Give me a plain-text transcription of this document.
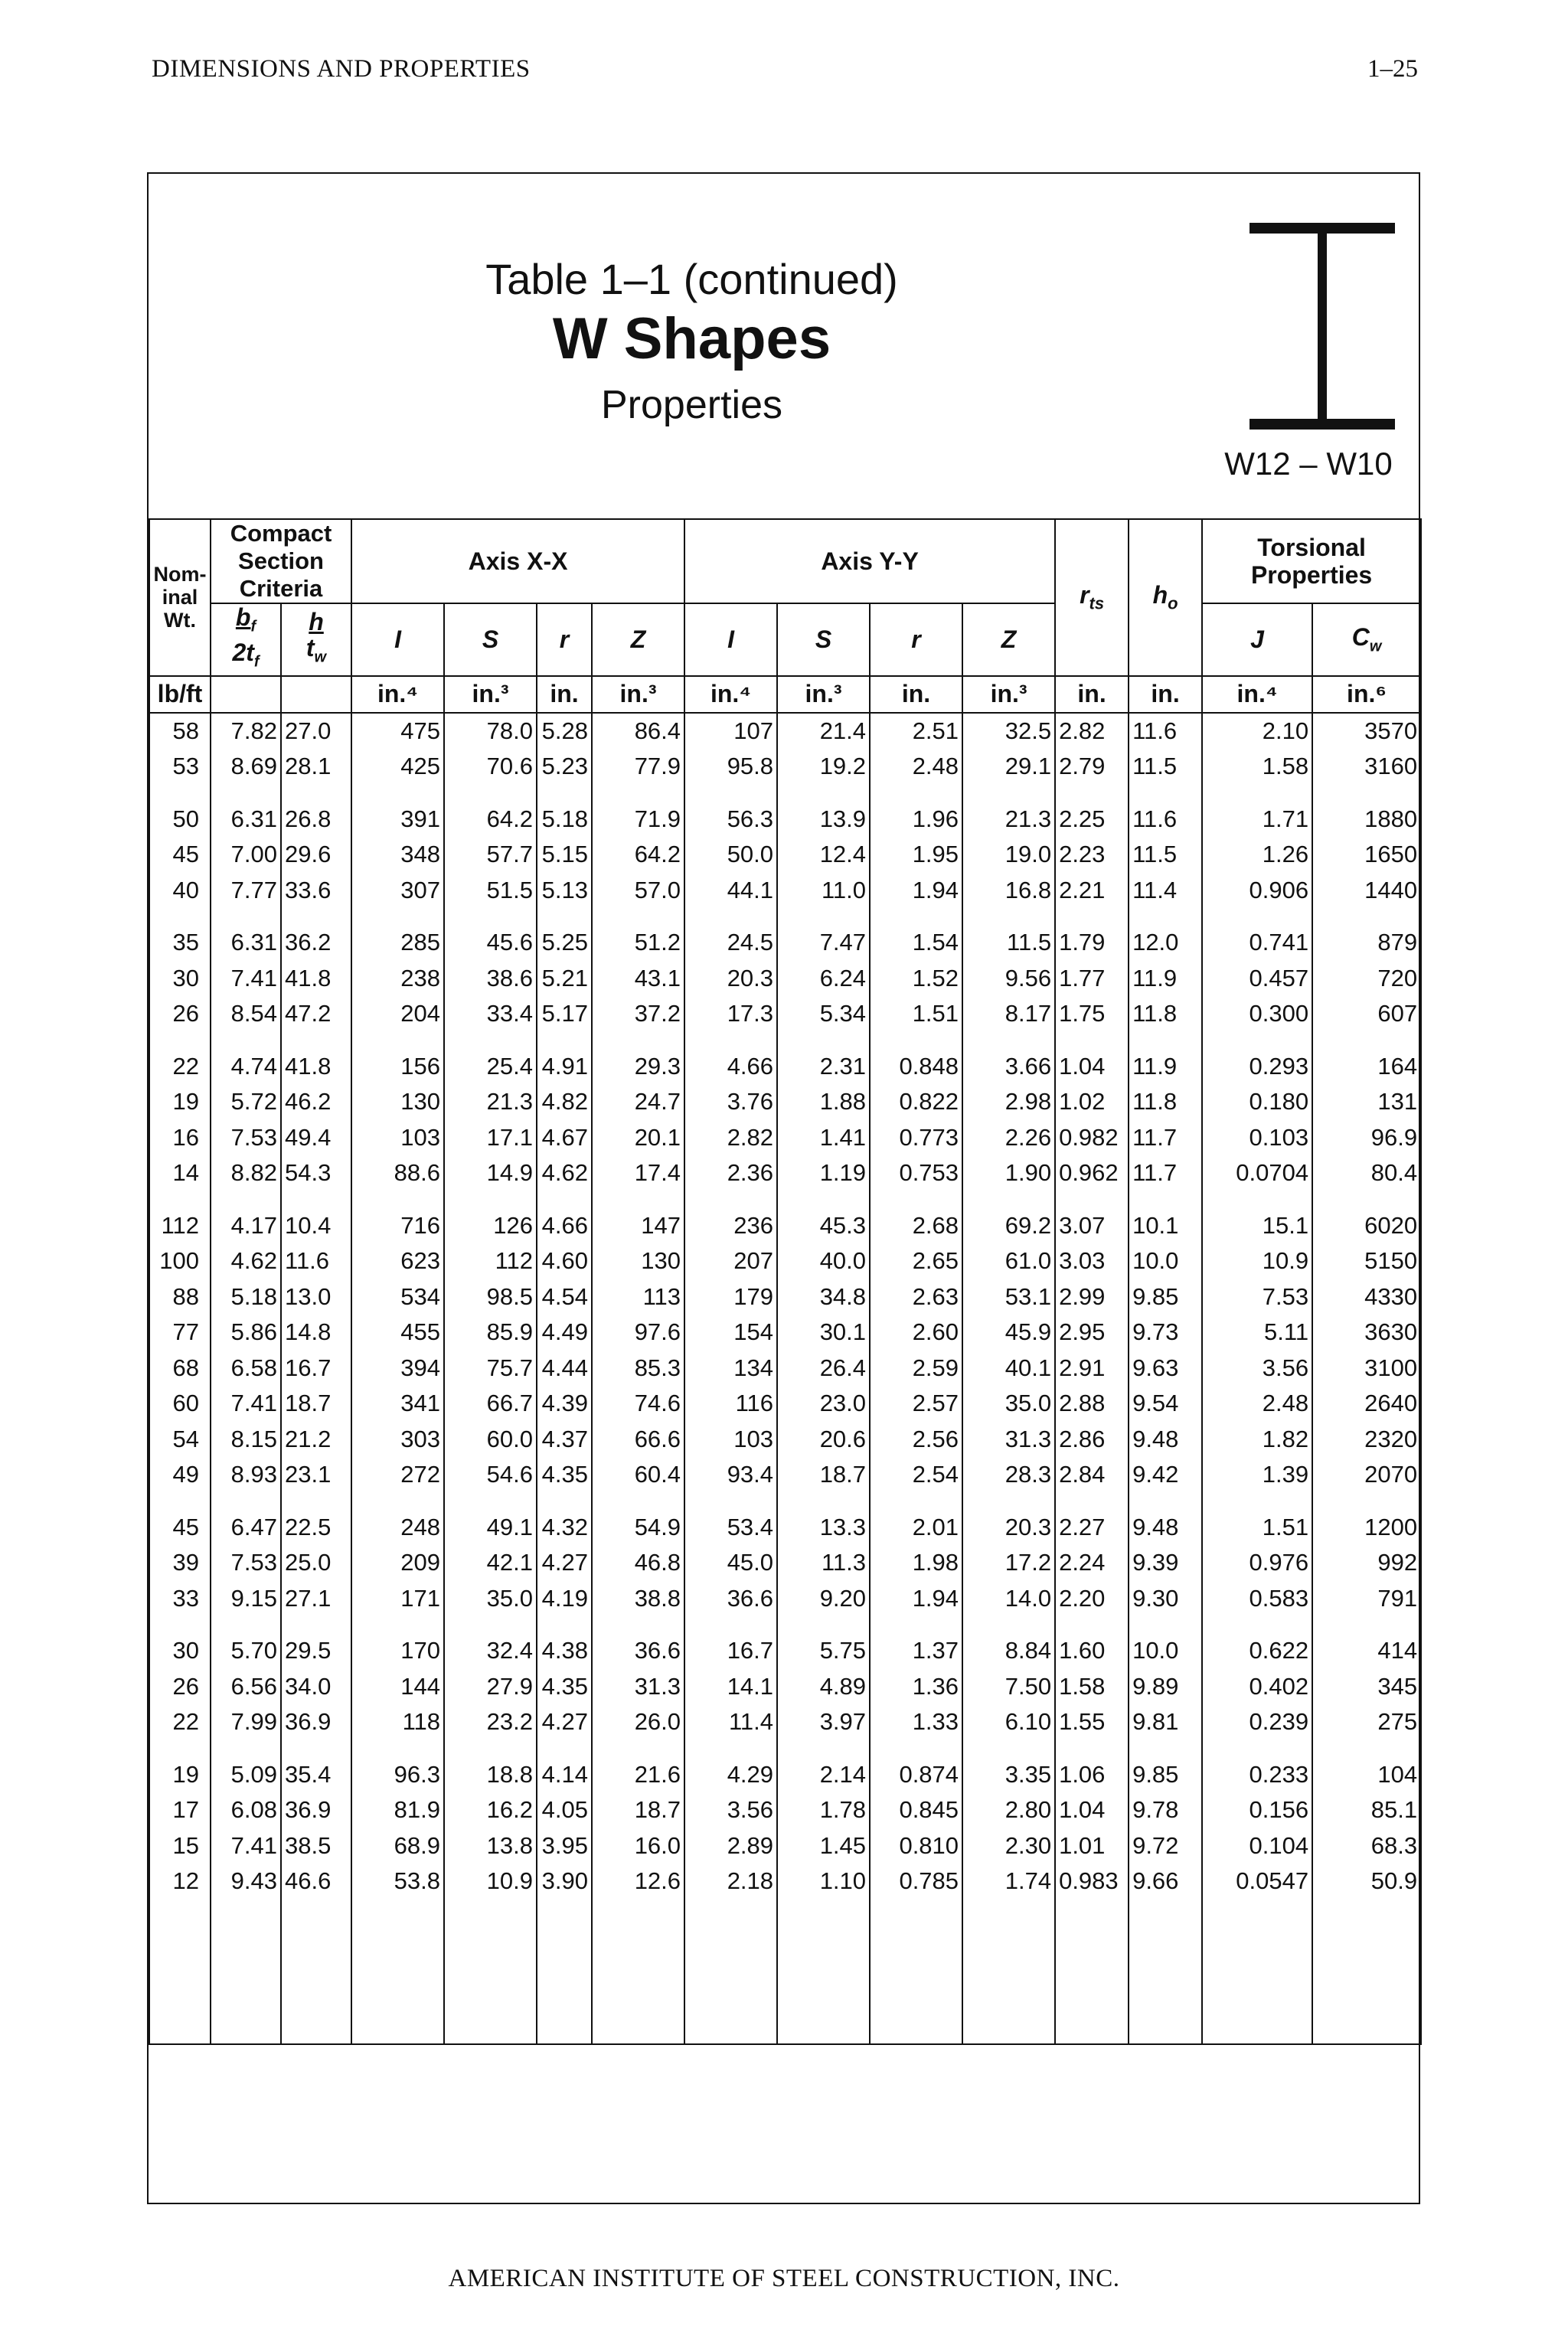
DIMENSIONS AND PROPERTIES	1–25
Table 1–1 (continued)
W Shapes
Properties
W12 – W10
Nom-
inal
Wt.	Compact
Section
Criteria		Axis X-X				Axis Y-Y				$r_{ts}$	$h_o$	Torsional
Properties	
	$b_f$
$2t_f$	h
$t_w$	I	S	r	Z	I	S	r	Z			J	$C_w$
lb/ft			in.⁴	in.³	in.	in.³	in.⁴	in.³	in.	in.³	in.	in.	in.⁴	in.⁶
58	7.82	27.0	475	78.0	5.28	86.4	107	21.4	2.51	32.5	2.82	11.6	2.10	3570
53	8.69	28.1	425	70.6	5.23	77.9	95.8	19.2	2.48	29.1	2.79	11.5	1.58	3160

50	6.31	26.8	391	64.2	5.18	71.9	56.3	13.9	1.96	21.3	2.25	11.6	1.71	1880
45	7.00	29.6	348	57.7	5.15	64.2	50.0	12.4	1.95	19.0	2.23	11.5	1.26	1650
40	7.77	33.6	307	51.5	5.13	57.0	44.1	11.0	1.94	16.8	2.21	11.4	0.906	1440

35	6.31	36.2	285	45.6	5.25	51.2	24.5	7.47	1.54	11.5	1.79	12.0	0.741	879
30	7.41	41.8	238	38.6	5.21	43.1	20.3	6.24	1.52	9.56	1.77	11.9	0.457	720
26	8.54	47.2	204	33.4	5.17	37.2	17.3	5.34	1.51	8.17	1.75	11.8	0.300	607

22	4.74	41.8	156	25.4	4.91	29.3	4.66	2.31	0.848	3.66	1.04	11.9	0.293	164
19	5.72	46.2	130	21.3	4.82	24.7	3.76	1.88	0.822	2.98	1.02	11.8	0.180	131
16	7.53	49.4	103	17.1	4.67	20.1	2.82	1.41	0.773	2.26	0.982	11.7	0.103	96.9
14	8.82	54.3	88.6	14.9	4.62	17.4	2.36	1.19	0.753	1.90	0.962	11.7	0.0704	80.4

112	4.17	10.4	716	126	4.66	147	236	45.3	2.68	69.2	3.07	10.1	15.1	6020
100	4.62	11.6	623	112	4.60	130	207	40.0	2.65	61.0	3.03	10.0	10.9	5150
88	5.18	13.0	534	98.5	4.54	113	179	34.8	2.63	53.1	2.99	9.85	7.53	4330
77	5.86	14.8	455	85.9	4.49	97.6	154	30.1	2.60	45.9	2.95	9.73	5.11	3630
68	6.58	16.7	394	75.7	4.44	85.3	134	26.4	2.59	40.1	2.91	9.63	3.56	3100
60	7.41	18.7	341	66.7	4.39	74.6	116	23.0	2.57	35.0	2.88	9.54	2.48	2640
54	8.15	21.2	303	60.0	4.37	66.6	103	20.6	2.56	31.3	2.86	9.48	1.82	2320
49	8.93	23.1	272	54.6	4.35	60.4	93.4	18.7	2.54	28.3	2.84	9.42	1.39	2070

45	6.47	22.5	248	49.1	4.32	54.9	53.4	13.3	2.01	20.3	2.27	9.48	1.51	1200
39	7.53	25.0	209	42.1	4.27	46.8	45.0	11.3	1.98	17.2	2.24	9.39	0.976	992
33	9.15	27.1	171	35.0	4.19	38.8	36.6	9.20	1.94	14.0	2.20	9.30	0.583	791

30	5.70	29.5	170	32.4	4.38	36.6	16.7	5.75	1.37	8.84	1.60	10.0	0.622	414
26	6.56	34.0	144	27.9	4.35	31.3	14.1	4.89	1.36	7.50	1.58	9.89	0.402	345
22	7.99	36.9	118	23.2	4.27	26.0	11.4	3.97	1.33	6.10	1.55	9.81	0.239	275

19	5.09	35.4	96.3	18.8	4.14	21.6	4.29	2.14	0.874	3.35	1.06	9.85	0.233	104
17	6.08	36.9	81.9	16.2	4.05	18.7	3.56	1.78	0.845	2.80	1.04	9.78	0.156	85.1
15	7.41	38.5	68.9	13.8	3.95	16.0	2.89	1.45	0.810	2.30	1.01	9.72	0.104	68.3
12	9.43	46.6	53.8	10.9	3.90	12.6	2.18	1.10	0.785	1.74	0.983	9.66	0.0547	50.9

AMERICAN INSTITUTE OF STEEL CONSTRUCTION, INC.
